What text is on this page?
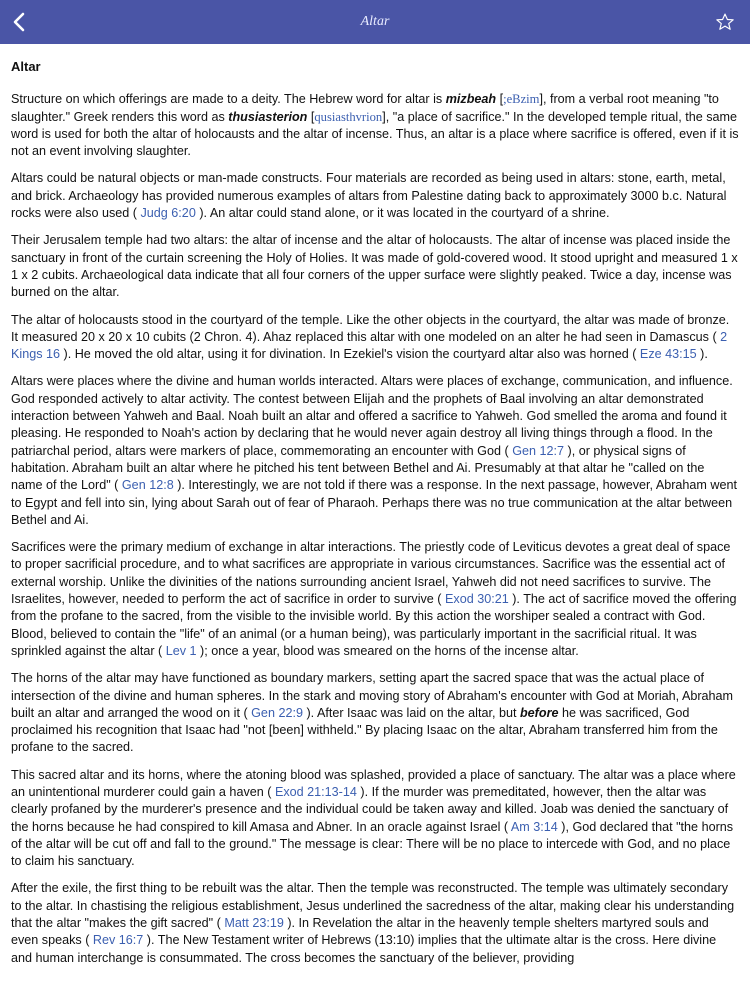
Altar
Altar

Structure on which offerings are made to a deity. The Hebrew word for altar is mizbeah [;eBzim], from a verbal root meaning "to slaughter." Greek renders this word as thusiasterion [qusiasthvrion], "a place of sacrifice." In the developed temple ritual, the same word is used for both the altar of holocausts and the altar of incense. Thus, an altar is a place where sacrifice is offered, even if it is not an event involving slaughter.

Altars could be natural objects or man-made constructs. Four materials are recorded as being used in altars: stone, earth, metal, and brick. Archaeology has provided numerous examples of altars from Palestine dating back to approximately 3000 b.c. Natural rocks were also used ( Judg 6:20 ). An altar could stand alone, or it was located in the courtyard of a shrine.

Their Jerusalem temple had two altars: the altar of incense and the altar of holocausts. The altar of incense was placed inside the sanctuary in front of the curtain screening the Holy of Holies. It was made of gold-covered wood. It stood upright and measured 1 x 1 x 2 cubits. Archaeological data indicate that all four corners of the upper surface were slightly peaked. Twice a day, incense was burned on the altar.

The altar of holocausts stood in the courtyard of the temple. Like the other objects in the courtyard, the altar was made of bronze. It measured 20 x 20 x 10 cubits (2 Chron. 4). Ahaz replaced this altar with one modeled on an alter he had seen in Damascus ( 2 Kings 16 ). He moved the old altar, using it for divination. In Ezekiel's vision the courtyard altar also was horned ( Eze 43:15 ).

Altars were places where the divine and human worlds interacted. Altars were places of exchange, communication, and influence. God responded actively to altar activity. The contest between Elijah and the prophets of Baal involving an altar demonstrated interaction between Yahweh and Baal. Noah built an altar and offered a sacrifice to Yahweh. God smelled the aroma and found it pleasing. He responded to Noah's action by declaring that he would never again destroy all living things through a flood. In the patriarchal period, altars were markers of place, commemorating an encounter with God ( Gen 12:7 ), or physical signs of habitation. Abraham built an altar where he pitched his tent between Bethel and Ai. Presumably at that altar he "called on the name of the Lord" ( Gen 12:8 ). Interestingly, we are not told if there was a response. In the next passage, however, Abraham went to Egypt and fell into sin, lying about Sarah out of fear of Pharaoh. Perhaps there was no true communication at the altar between Bethel and Ai.

Sacrifices were the primary medium of exchange in altar interactions. The priestly code of Leviticus devotes a great deal of space to proper sacrificial procedure, and to what sacrifices are appropriate in various circumstances. Sacrifice was the essential act of external worship. Unlike the divinities of the nations surrounding ancient Israel, Yahweh did not need sacrifices to survive. The Israelites, however, needed to perform the act of sacrifice in order to survive ( Exod 30:21 ). The act of sacrifice moved the offering from the profane to the sacred, from the visible to the invisible world. By this action the worshiper sealed a contract with God. Blood, believed to contain the "life" of an animal (or a human being), was particularly important in the sacrificial ritual. It was sprinkled against the altar ( Lev 1 ); once a year, blood was smeared on the horns of the incense altar.

The horns of the altar may have functioned as boundary markers, setting apart the sacred space that was the actual place of intersection of the divine and human spheres. In the stark and moving story of Abraham's encounter with God at Moriah, Abraham built an altar and arranged the wood on it ( Gen 22:9 ). After Isaac was laid on the altar, but before he was sacrificed, God proclaimed his recognition that Isaac had "not [been] withheld." By placing Isaac on the altar, Abraham transferred him from the profane to the sacred.

This sacred altar and its horns, where the atoning blood was splashed, provided a place of sanctuary. The altar was a place where an unintentional murderer could gain a haven ( Exod 21:13-14 ). If the murder was premeditated, however, then the altar was clearly profaned by the murderer's presence and the individual could be taken away and killed. Joab was denied the sanctuary of the horns because he had conspired to kill Amasa and Abner. In an oracle against Israel ( Am 3:14 ), God declared that "the horns of the altar will be cut off and fall to the ground." The message is clear: There will be no place to intercede with God, and no place to claim his sanctuary.

After the exile, the first thing to be rebuilt was the altar. Then the temple was reconstructed. The temple was ultimately secondary to the altar. In chastising the religious establishment, Jesus underlined the sacredness of the altar, making clear his understanding that the altar "makes the gift sacred" ( Matt 23:19 ). In Revelation the altar in the heavenly temple shelters martyred souls and even speaks ( Rev 16:7 ). The New Testament writer of Hebrews (13:10) implies that the ultimate altar is the cross. Here divine and human interchange is consummated. The cross becomes the sanctuary of the believer, providing
